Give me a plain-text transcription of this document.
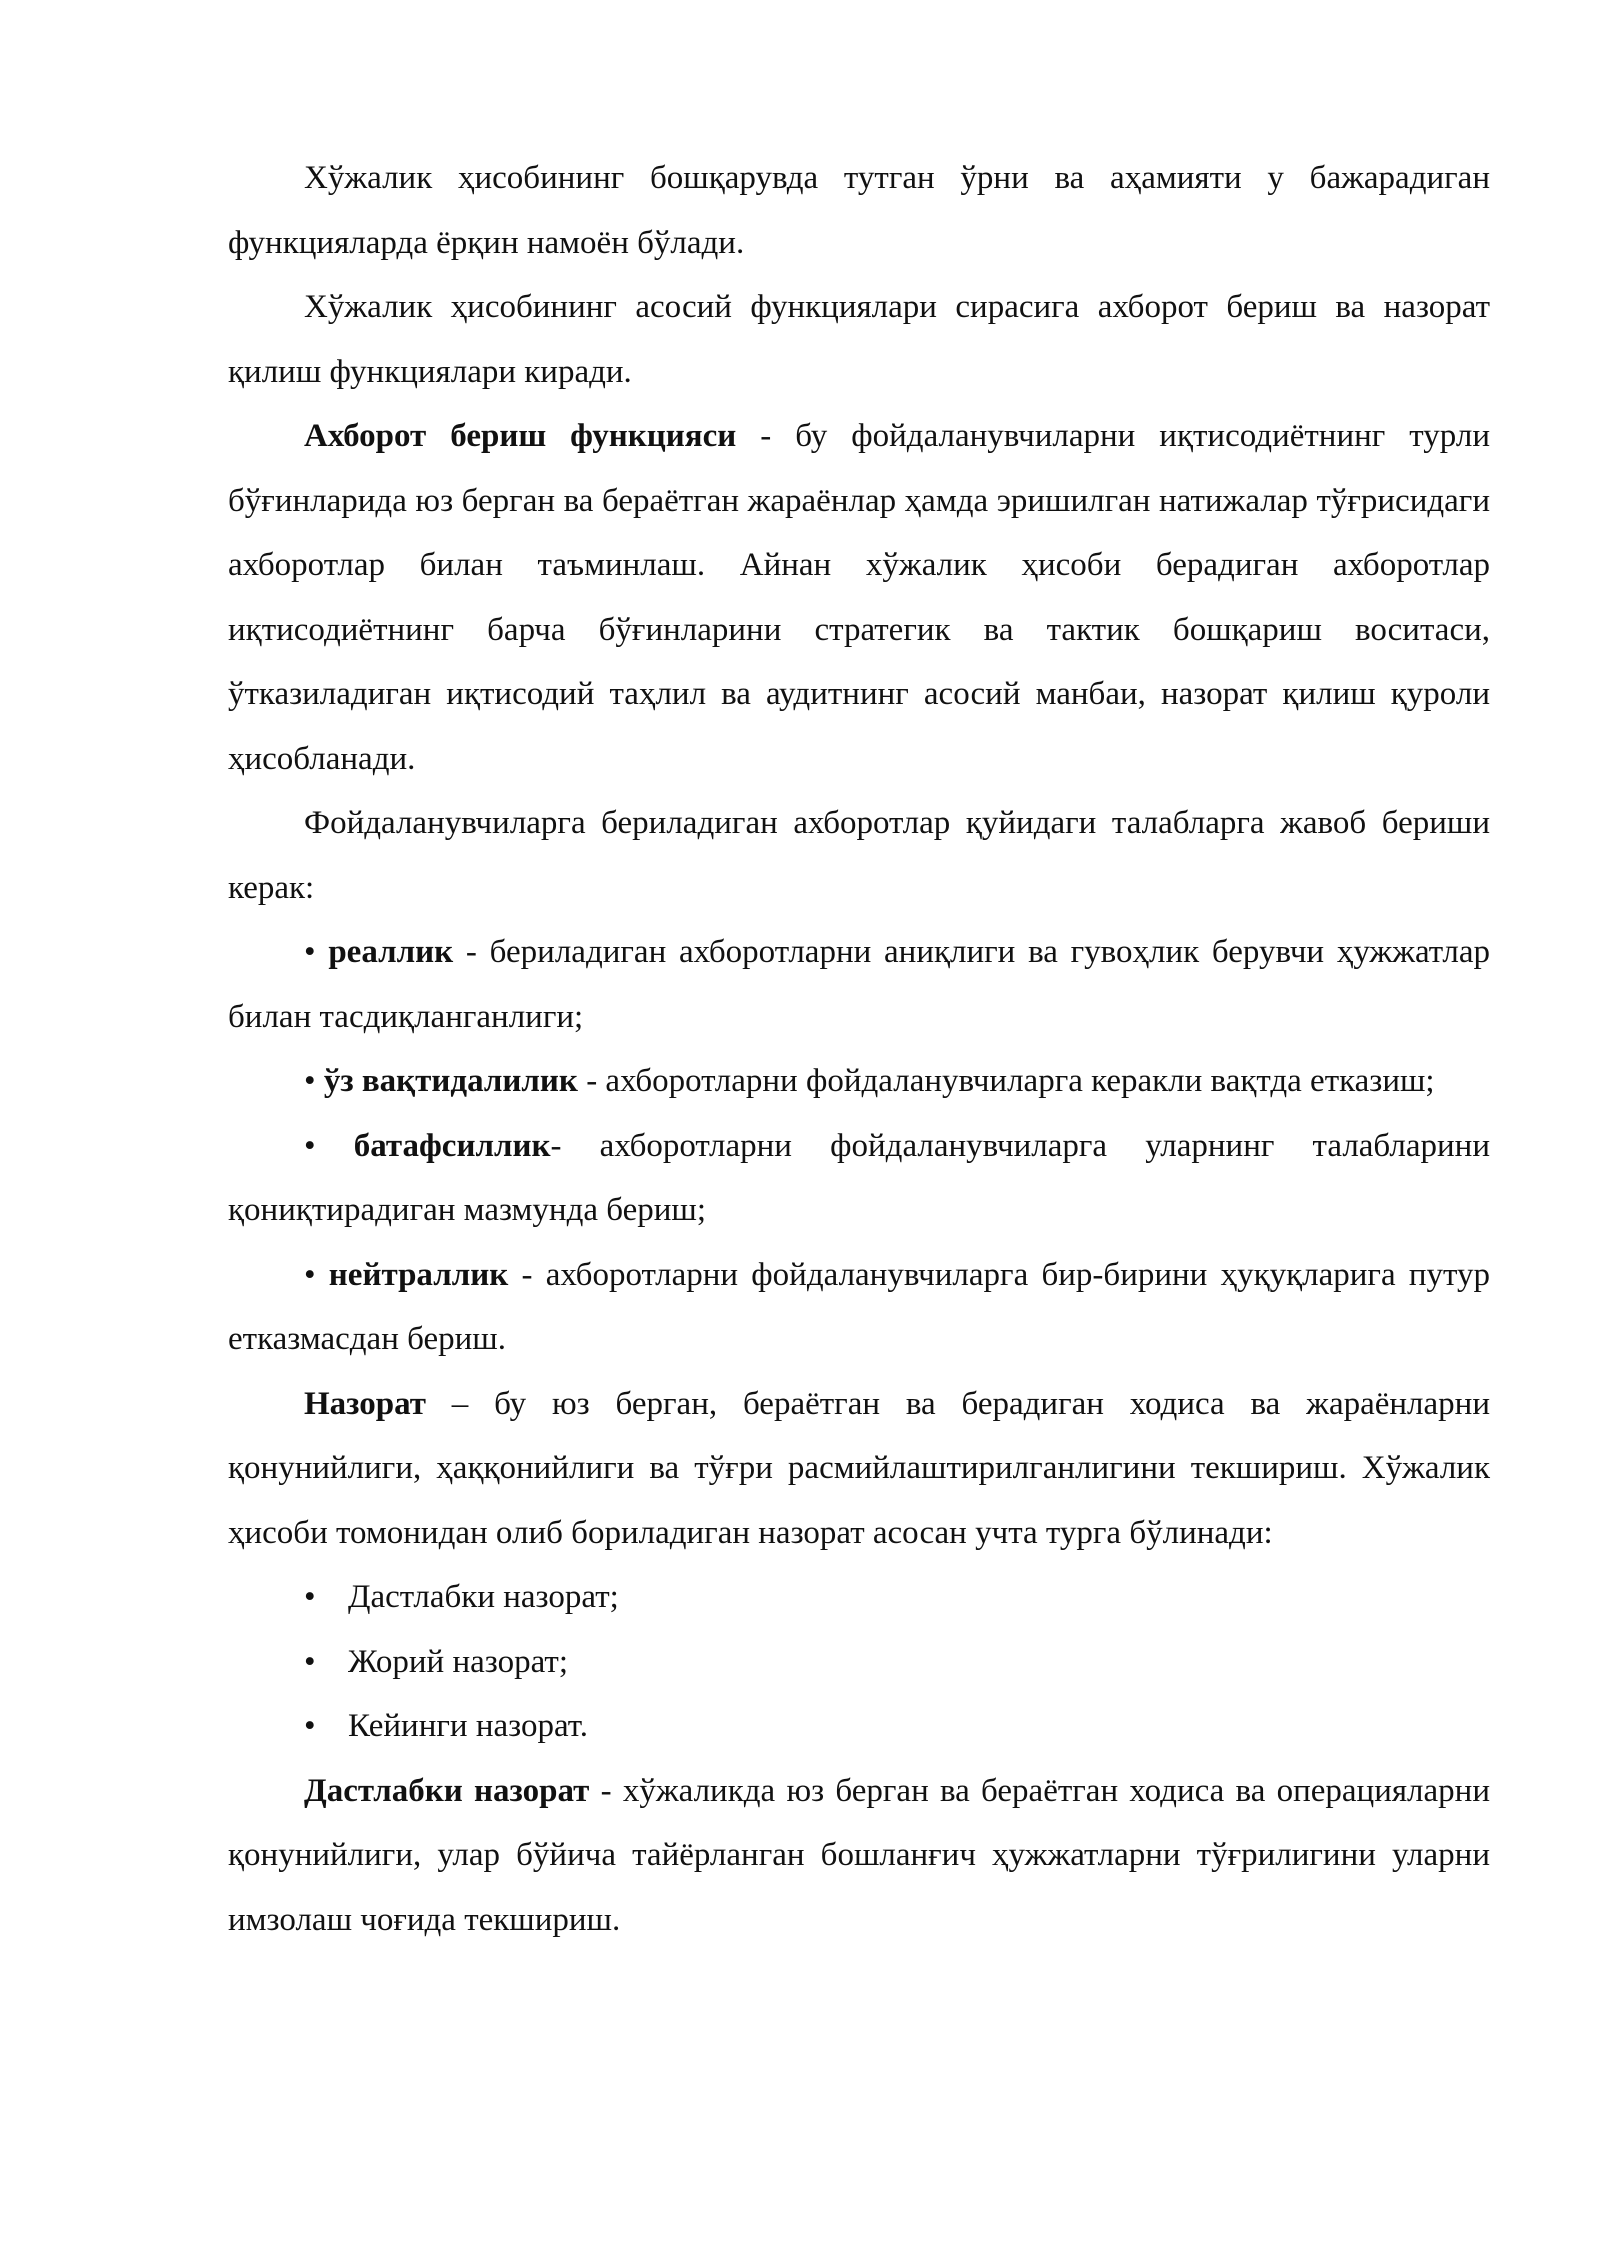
Хўжалик ҳисобининг бошқарувда тутган ўрни ва аҳамияти у бажарадиган функцияларда ёрқин намоён бўлади.

Хўжалик ҳисобининг асосий функциялари сирасига ахборот бериш ва назорат қилиш функциялари киради.

Ахборот бериш функцияси - бу фойдаланувчиларни иқтисодиётнинг турли бўғинларида юз берган ва бераётган жараёнлар ҳамда эришилган натижалар тўғрисидаги ахборотлар билан таъминлаш. Айнан хўжалик ҳисоби берадиган ахборотлар иқтисодиётнинг барча бўғинларини стратегик ва тактик бошқариш воситаси, ўтказиладиган иқтисодий таҳлил ва аудитнинг асосий манбаи, назорат қилиш қуроли ҳисобланади.

Фойдаланувчиларга бериладиган ахборотлар қуйидаги талабларга жавоб бериши керак:

• реаллик - бериладиган ахборотларни аниқлиги ва гувоҳлик берувчи ҳужжатлар билан тасдиқланганлиги;

• ўз вақтидалилик - ахборотларни фойдаланувчиларга керакли вақтда етказиш;

• батафсиллик- ахборотларни фойдаланувчиларга уларнинг талабларини қониқтирадиган мазмунда бериш;

• нейтраллик - ахборотларни фойдаланувчиларга бир-бирини ҳуқуқларига путур етказмасдан бериш.

Назорат – бу юз берган, бераётган ва берадиган ходиса ва жараёнларни қонунийлиги, ҳаққонийлиги ва тўғри расмийлаштирилганлигини текшириш. Хўжалик ҳисоби томонидан олиб бориладиган назорат асосан учта турга бўлинади:

• Дастлабки назорат;
• Жорий назорат;
• Кейинги назорат.

Дастлабки назорат - хўжаликда юз берган ва бераётган ходиса ва операцияларни қонунийлиги, улар бўйича тайёрланган бошланғич ҳужжатларни тўғрилигини уларни имзолаш чоғида текшириш.
